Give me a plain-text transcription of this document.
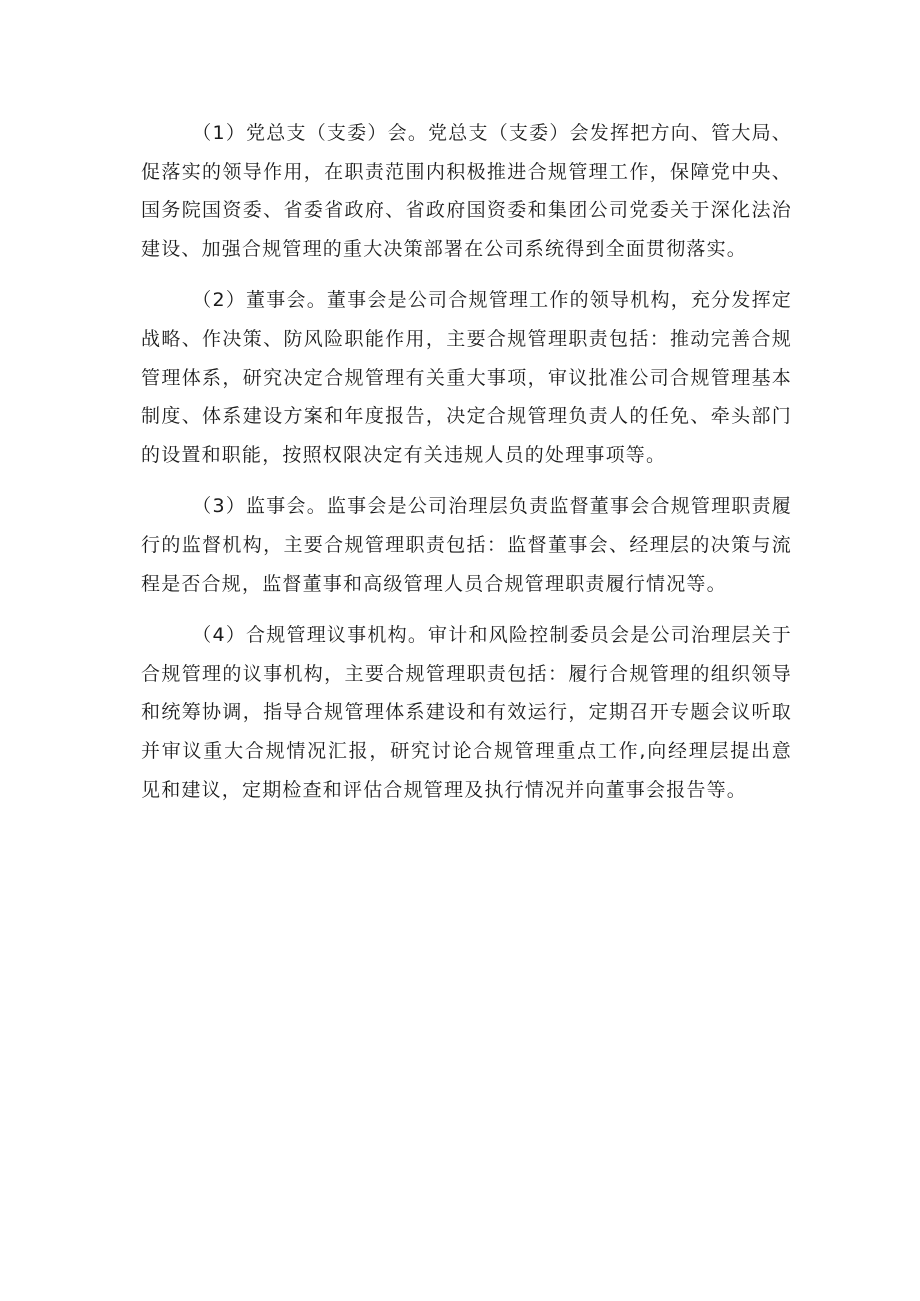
（1）党总支（支委）会。党总支（支委）会发挥把方向、管大局、促落实的领导作用，在职责范围内积极推进合规管理工作，保障党中央、国务院国资委、省委省政府、省政府国资委和集团公司党委关于深化法治建设、加强合规管理的重大决策部署在公司系统得到全面贯彻落实。

（2）董事会。董事会是公司合规管理工作的领导机构，充分发挥定战略、作决策、防风险职能作用，主要合规管理职责包括：推动完善合规管理体系，研究决定合规管理有关重大事项，审议批准公司合规管理基本制度、体系建设方案和年度报告，决定合规管理负责人的任免、牵头部门的设置和职能，按照权限决定有关违规人员的处理事项等。

（3）监事会。监事会是公司治理层负责监督董事会合规管理职责履行的监督机构，主要合规管理职责包括：监督董事会、经理层的决策与流程是否合规，监督董事和高级管理人员合规管理职责履行情况等。

（4）合规管理议事机构。审计和风险控制委员会是公司治理层关于合规管理的议事机构，主要合规管理职责包括：履行合规管理的组织领导和统筹协调，指导合规管理体系建设和有效运行，定期召开专题会议听取并审议重大合规情况汇报，研究讨论合规管理重点工作,向经理层提出意见和建议，定期检查和评估合规管理及执行情况并向董事会报告等。
